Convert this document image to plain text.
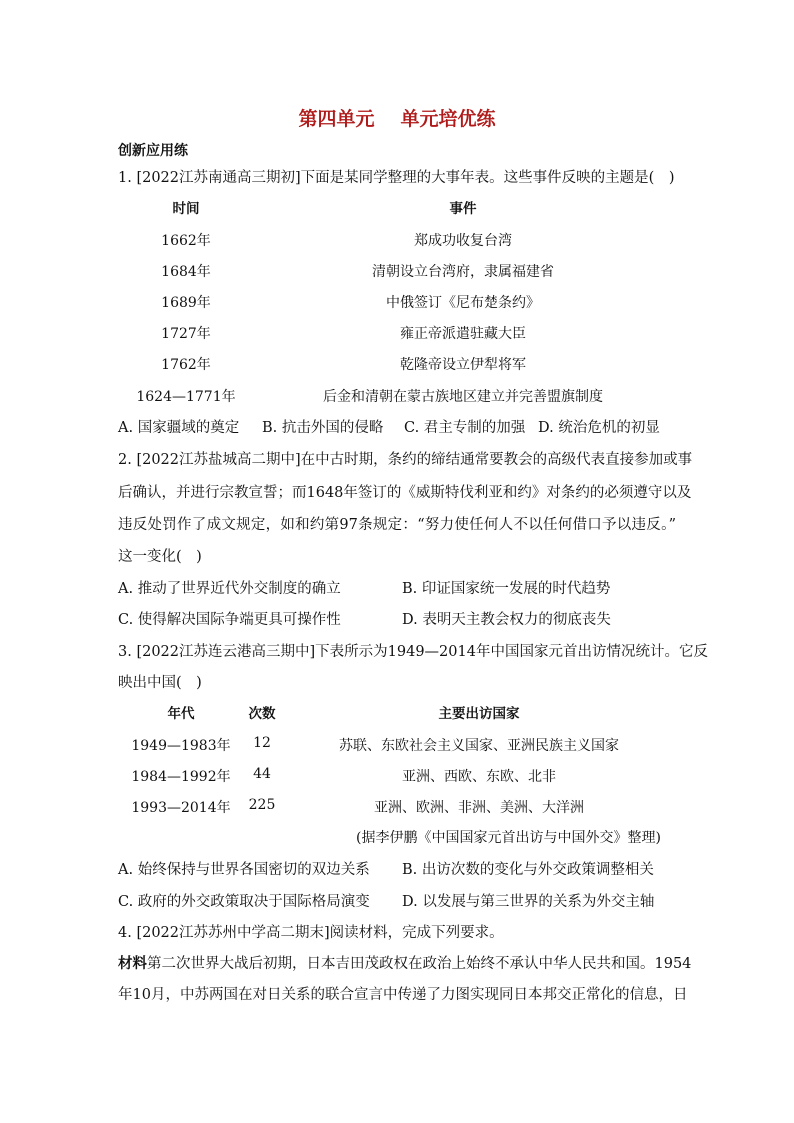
第四单元 单元培优练
创新应用练
1. [2022江苏南通高三期初]下面是某同学整理的大事年表。这些事件反映的主题是(　)
时间	事件
1662年	郑成功收复台湾
1684年	清朝设立台湾府，隶属福建省
1689年	中俄签订《尼布楚条约》
1727年	雍正帝派遣驻藏大臣
1762年	乾隆帝设立伊犁将军
1624—1771年	后金和清朝在蒙古族地区建立并完善盟旗制度
A. 国家疆域的奠定 B. 抗击外国的侵略 C. 君主专制的加强 D. 统治危机的初显
2. [2022江苏盐城高二期中]在中古时期，条约的缔结通常要教会的高级代表直接参加或事
后确认，并进行宗教宣誓；而1648年签订的《威斯特伐利亚和约》对条约的必须遵守以及
违反处罚作了成文规定，如和约第97条规定：“努力使任何人不以任何借口予以违反。”
这一变化(　)
A. 推动了世界近代外交制度的确立	B. 印证国家统一发展的时代趋势
C. 使得解决国际争端更具可操作性	D. 表明天主教会权力的彻底丧失
3. [2022江苏连云港高三期中]下表所示为1949—2014年中国国家元首出访情况统计。它反
映出中国(　)
年代	次数	主要出访国家
1949—1983年 12	苏联、东欧社会主义国家、亚洲民族主义国家
1984—1992年 44	亚洲、西欧、东欧、北非
1993—2014年 225	亚洲、欧洲、非洲、美洲、大洋洲
(据李伊鹏《中国国家元首出访与中国外交》整理)
A. 始终保持与世界各国密切的双边关系 B. 出访次数的变化与外交政策调整相关
C. 政府的外交政策取决于国际格局演变 D. 以发展与第三世界的关系为外交主轴
4. [2022江苏苏州中学高二期末]阅读材料，完成下列要求。
材料第二次世界大战后初期，日本吉田茂政权在政治上始终不承认中华人民共和国。1954
年10月，中苏两国在对日关系的联合宣言中传递了力图实现同日本邦交正常化的信息，日
